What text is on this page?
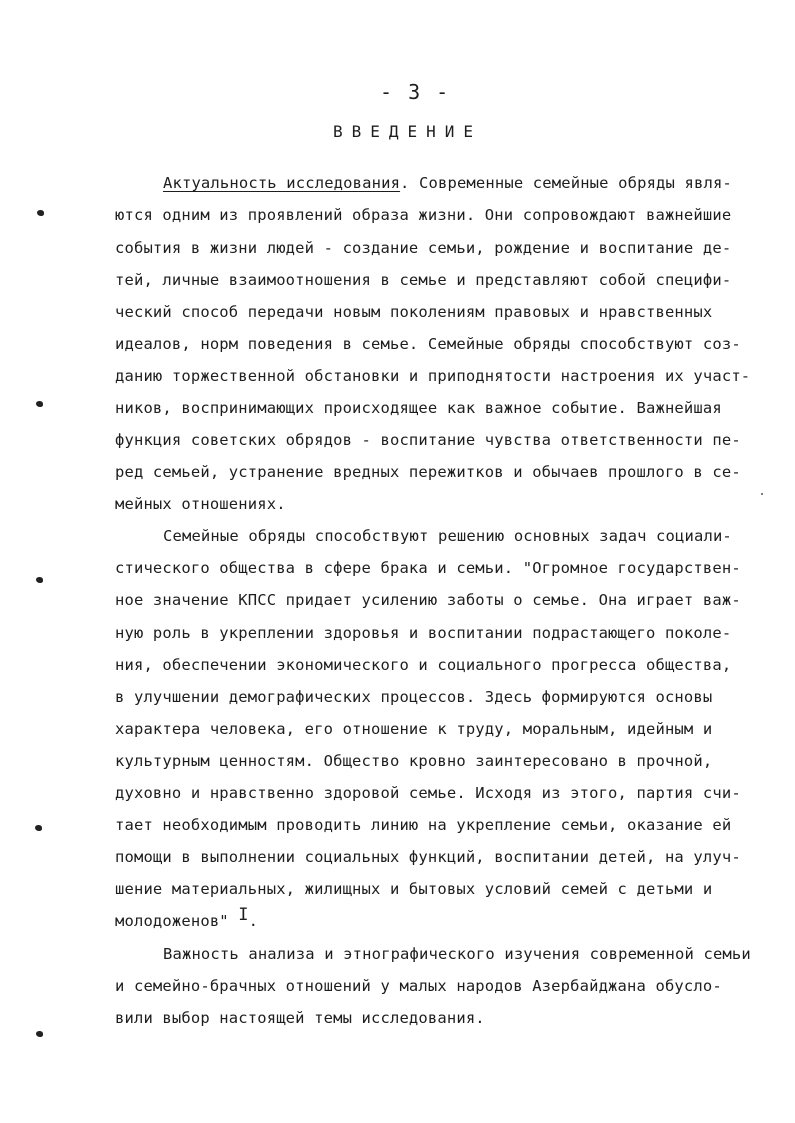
- 3 -
ВВЕДЕНИЕ
Актуальность исследования. Современные семейные обряды явля-
ются одним из проявлений образа жизни. Они сопровождают важнейшие
события в жизни людей - создание семьи, рождение и воспитание де-
тей, личные взаимоотношения в семье и представляют собой специфи-
ческий способ передачи новым поколениям правовых и нравственных
идеалов, норм поведения в семье. Семейные обряды способствуют соз-
данию торжественной обстановки и приподнятости настроения их участ-
ников, воспринимающих происходящее как важное событие. Важнейшая
функция советских обрядов - воспитание чувства ответственности пе-
ред семьей, устранение вредных пережитков и обычаев прошлого в се-
мейных отношениях.
Семейные обряды способствуют решению основных задач социали-
стического общества в сфере брака и семьи. "Огромное государствен-
ное значение КПСС придает усилению заботы о семье. Она играет важ-
ную роль в укреплении здоровья и воспитании подрастающего поколе-
ния, обеспечении экономического и социального прогресса общества,
в улучшении демографических процессов. Здесь формируются основы
характера человека, его отношение к труду, моральным, идейным и
культурным ценностям. Общество кровно заинтересовано в прочной,
духовно и нравственно здоровой семье. Исходя из этого, партия счи-
тает необходимым проводить линию на укрепление семьи, оказание ей
помощи в выполнении социальных функций, воспитании детей, на улуч-
шение материальных, жилищных и бытовых условий семей с детьми и
молодоженов" I.
Важность анализа и этнографического изучения современной семьи
и семейно-брачных отношений у малых народов Азербайджана обусло-
вили выбор настоящей темы исследования.
